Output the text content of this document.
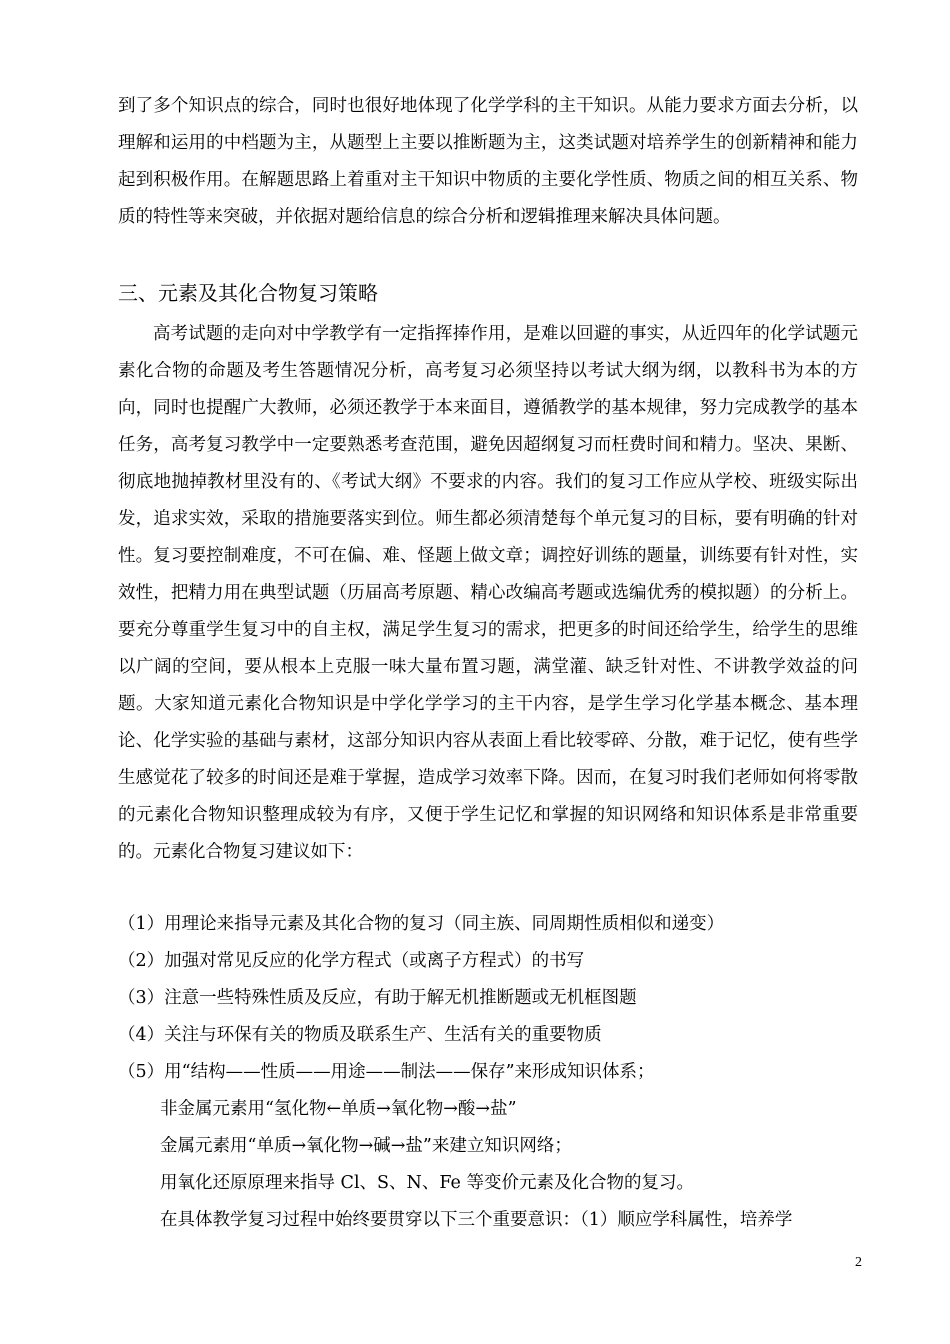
到了多个知识点的综合，同时也很好地体现了化学学科的主干知识。从能力要求方面去分析，以理解和运用的中档题为主，从题型上主要以推断题为主，这类试题对培养学生的创新精神和能力起到积极作用。在解题思路上着重对主干知识中物质的主要化学性质、物质之间的相互关系、物质的特性等来突破，并依据对题给信息的综合分析和逻辑推理来解决具体问题。

三、元素及其化合物复习策略

高考试题的走向对中学教学有一定指挥捧作用，是难以回避的事实，从近四年的化学试题元素化合物的命题及考生答题情况分析，高考复习必须坚持以考试大纲为纲，以教科书为本的方向，同时也提醒广大教师，必须还教学于本来面目，遵循教学的基本规律，努力完成教学的基本任务，高考复习教学中一定要熟悉考查范围，避免因超纲复习而枉费时间和精力。坚决、果断、彻底地抛掉教材里没有的、《考试大纲》不要求的内容。我们的复习工作应从学校、班级实际出发，追求实效，采取的措施要落实到位。师生都必须清楚每个单元复习的目标，要有明确的针对性。复习要控制难度，不可在偏、难、怪题上做文章；调控好训练的题量，训练要有针对性，实效性，把精力用在典型试题（历届高考原题、精心改编高考题或选编优秀的模拟题）的分析上。要充分尊重学生复习中的自主权，满足学生复习的需求，把更多的时间还给学生，给学生的思维以广阔的空间，要从根本上克服一味大量布置习题，满堂灌、缺乏针对性、不讲教学效益的问题。大家知道元素化合物知识是中学化学学习的主干内容，是学生学习化学基本概念、基本理论、化学实验的基础与素材，这部分知识内容从表面上看比较零碎、分散，难于记忆，使有些学生感觉花了较多的时间还是难于掌握，造成学习效率下降。因而，在复习时我们老师如何将零散的元素化合物知识整理成较为有序，又便于学生记忆和掌握的知识网络和知识体系是非常重要的。元素化合物复习建议如下：

（1）用理论来指导元素及其化合物的复习（同主族、同周期性质相似和递变）
（2）加强对常见反应的化学方程式（或离子方程式）的书写
（3）注意一些特殊性质及反应，有助于解无机推断题或无机框图题
（4）关注与环保有关的物质及联系生产、生活有关的重要物质
（5）用“结构——性质——用途——制法——保存”来形成知识体系；
非金属元素用“氢化物←单质→氧化物→酸→盐”
金属元素用“单质→氧化物→碱→盐”来建立知识网络；
用氧化还原原理来指导 Cl、S、N、Fe 等变价元素及化合物的复习。
在具体教学复习过程中始终要贯穿以下三个重要意识：（1）顺应学科属性，培养学
2
